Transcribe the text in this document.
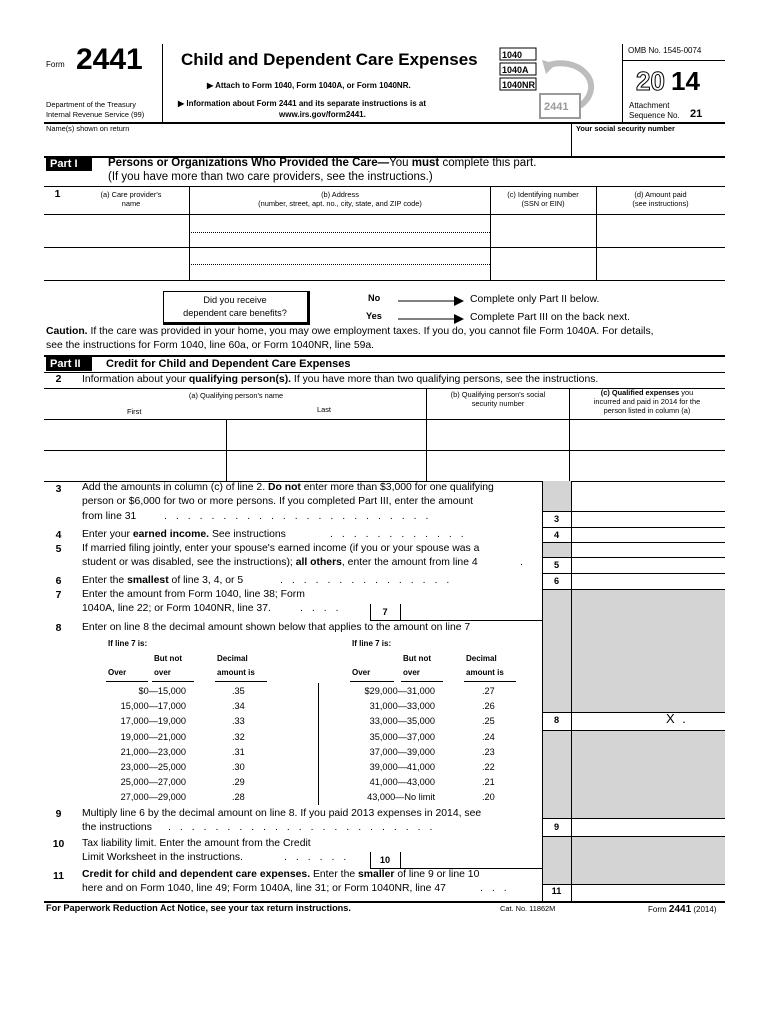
Form 2441
Department of the Treasury
Internal Revenue Service (99)
Child and Dependent Care Expenses
▶ Attach to Form 1040, Form 1040A, or Form 1040NR.
▶ Information about Form 2441 and its separate instructions is at
www.irs.gov/form2441.
1040
1040A
1040NR
2441
OMB No. 1545-0074
20 14
Attachment
Sequence No. 21
Name(s) shown on return	Your social security number
Part I	Persons or Organizations Who Provided the Care—You must complete this part.
(If you have more than two care providers, see the instructions.)
1	(a) Care provider's
name
(b) Address
(number, street, apt. no., city, state, and ZIP code)
(c) Identifying number
(SSN or EIN)
(d) Amount paid
(see instructions)
Did you receive
dependent care benefits?
No
Yes
Complete only Part II below.
Complete Part III on the back next.
Caution. If the care was provided in your home, you may owe employment taxes. If you do, you cannot file Form 1040A. For details,
see the instructions for Form 1040, line 60a, or Form 1040NR, line 59a.
Part II	Credit for Child and Dependent Care Expenses
2	Information about your qualifying person(s). If you have more than two qualifying persons, see the instructions.
(a) Qualifying person's name
First	Last
(b) Qualifying person's social
security number
(c) Qualified expenses you
incurred and paid in 2014 for the
person listed in column (a)
3	Add the amounts in column (c) of line 2. Do not enter more than $3,000 for one qualifying
person or $6,000 for two or more persons. If you completed Part III, enter the amount
from line 31	.......................	3
4	Enter your earned income. See instructions	............	4
5	If married filing jointly, enter your spouse's earned income (if you or your spouse was a
student or was disabled, see the instructions); all others, enter the amount from line 4	.	5
6	Enter the smallest of line 3, 4, or 5	...............	6
7	Enter the amount from Form 1040, line 38; Form
1040A, line 22; or Form 1040NR, line 37.	....	7
8	Enter on line 8 the decimal amount shown below that applies to the amount on line 7
8	X .
If line 7 is:
But not	Decimal
Over	over	amount is
If line 7 is:
But not	Decimal
Over	over	amount is
$0—15,000	.35
15,000—17,000	.34
17,000—19,000	.33
19,000—21,000	.32
21,000—23,000	.31
23,000—25,000	.30
25,000—27,000	.29
27,000—29,000	.28
$29,000—31,000	.27
31,000—33,000	.26
33,000—35,000	.25
35,000—37,000	.24
37,000—39,000	.23
39,000—41,000	.22
41,000—43,000	.21
43,000—No limit	.20
9	Multiply line 6 by the decimal amount on line 8. If you paid 2013 expenses in 2014, see
the instructions .......................	9
10	Tax liability limit. Enter the amount from the Credit
Limit Worksheet in the instructions.	......	10
11	Credit for child and dependent care expenses. Enter the smaller of line 9 or line 10
here and on Form 1040, line 49; Form 1040A, line 31; or Form 1040NR, line 47	...	11
For Paperwork Reduction Act Notice, see your tax return instructions.	Cat. No. 11862M	Form 2441 (2014)
